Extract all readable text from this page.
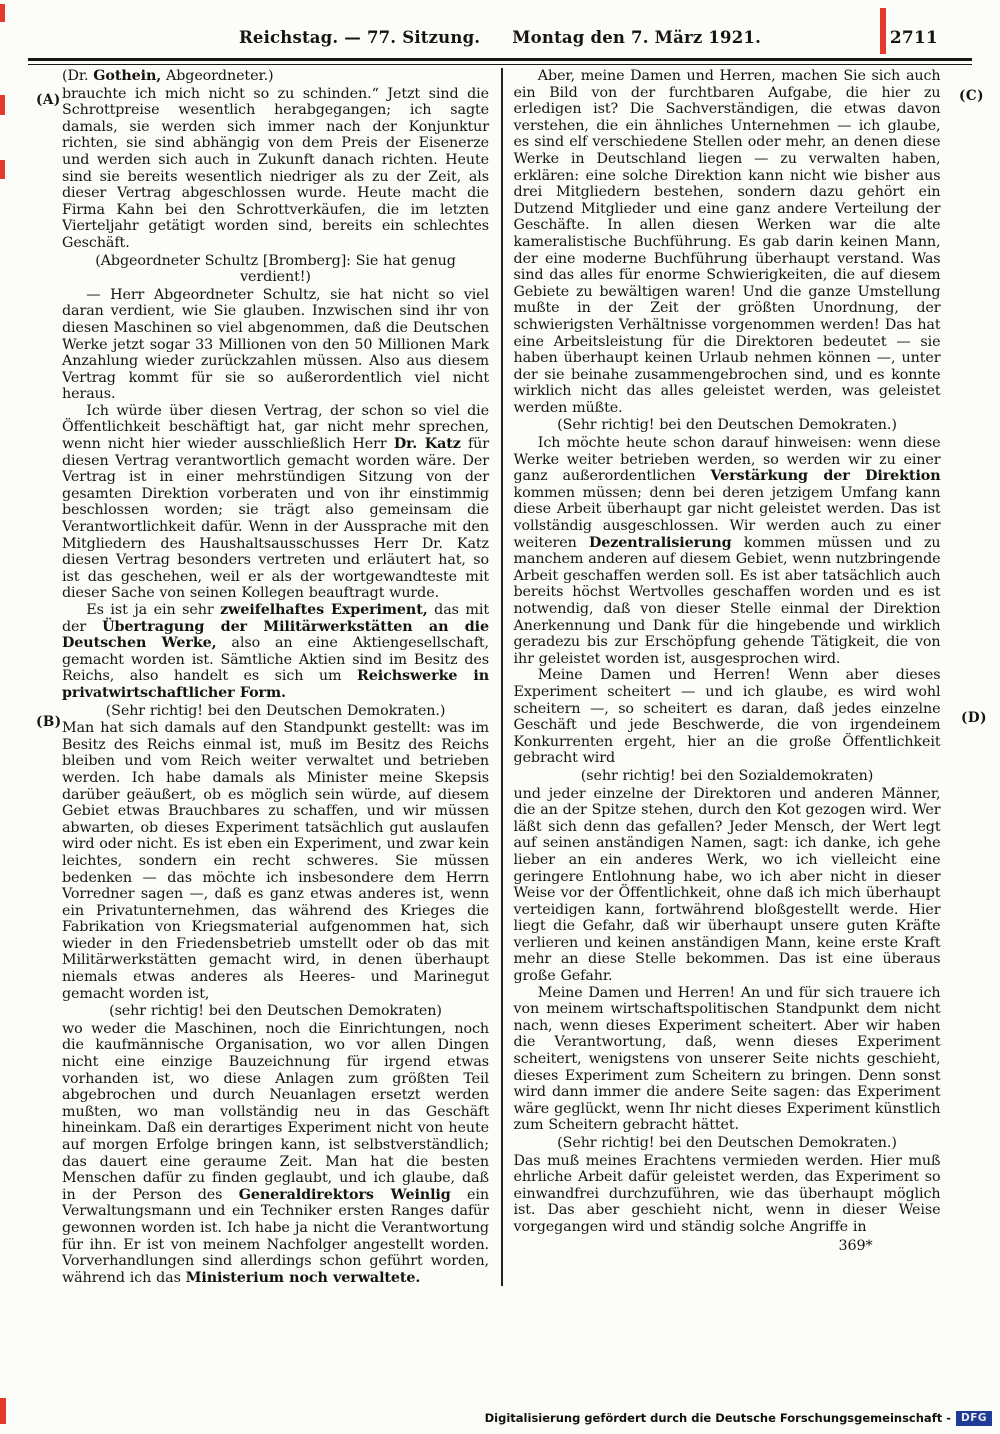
Reichstag. — 77. Sitzung. Montag den 7. März 1921.	2711
(A)
(B)
(C)
(D)
(Dr. Gothein, Abgeordneter.)
brauchte ich mich nicht so zu schinden.“ Jetzt sind die Schrottpreise wesentlich herabgegangen; ich sagte damals, sie werden sich immer nach der Konjunktur richten, sie sind abhängig von dem Preis der Eisenerze und werden sich auch in Zukunft danach richten. Heute sind sie bereits wesentlich niedriger als zu der Zeit, als dieser Vertrag abgeschlossen wurde. Heute macht die Firma Kahn bei den Schrottverkäufen, die im letzten Vierteljahr getätigt worden sind, bereits ein schlechtes Geschäft.
(Abgeordneter Schultz [Bromberg]: Sie hat genug verdient!)
— Herr Abgeordneter Schultz, sie hat nicht so viel daran verdient, wie Sie glauben. Inzwischen sind ihr von diesen Maschinen so viel abgenommen, daß die Deutschen Werke jetzt sogar 33 Millionen von den 50 Millionen Mark Anzahlung wieder zurückzahlen müssen. Also aus diesem Vertrag kommt für sie so außerordentlich viel nicht heraus.
Ich würde über diesen Vertrag, der schon so viel die Öffentlichkeit beschäftigt hat, gar nicht mehr sprechen, wenn nicht hier wieder ausschließlich Herr Dr. Katz für diesen Vertrag verantwortlich gemacht worden wäre. Der Vertrag ist in einer mehrstündigen Sitzung von der gesamten Direktion vorberaten und von ihr einstimmig beschlossen worden; sie trägt also gemeinsam die Verantwortlichkeit dafür. Wenn in der Aussprache mit den Mitgliedern des Haushaltsausschusses Herr Dr. Katz diesen Vertrag besonders vertreten und erläutert hat, so ist das geschehen, weil er als der wortgewandteste mit dieser Sache von seinen Kollegen beauftragt wurde.
Es ist ja ein sehr zweifelhaftes Experiment, das mit der Übertragung der Militärwerkstätten an die Deutschen Werke, also an eine Aktiengesellschaft, gemacht worden ist. Sämtliche Aktien sind im Besitz des Reichs, also handelt es sich um Reichswerke in privatwirtschaftlicher Form.
(Sehr richtig! bei den Deutschen Demokraten.)
Man hat sich damals auf den Standpunkt gestellt: was im Besitz des Reichs einmal ist, muß im Besitz des Reichs bleiben und vom Reich weiter verwaltet und betrieben werden. Ich habe damals als Minister meine Skepsis darüber geäußert, ob es möglich sein würde, auf diesem Gebiet etwas Brauchbares zu schaffen, und wir müssen abwarten, ob dieses Experiment tatsächlich gut auslaufen wird oder nicht. Es ist eben ein Experiment, und zwar kein leichtes, sondern ein recht schweres. Sie müssen bedenken — das möchte ich insbesondere dem Herrn Vorredner sagen —, daß es ganz etwas anderes ist, wenn ein Privatunternehmen, das während des Krieges die Fabrikation von Kriegsmaterial aufgenommen hat, sich wieder in den Friedensbetrieb umstellt oder ob das mit Militärwerkstätten gemacht wird, in denen überhaupt niemals etwas anderes als Heeres- und Marinegut gemacht worden ist,
(sehr richtig! bei den Deutschen Demokraten)
wo weder die Maschinen, noch die Einrichtungen, noch die kaufmännische Organisation, wo vor allen Dingen nicht eine einzige Bauzeichnung für irgend etwas vorhanden ist, wo diese Anlagen zum größten Teil abgebrochen und durch Neuanlagen ersetzt werden mußten, wo man vollständig neu in das Geschäft hineinkam. Daß ein derartiges Experiment nicht von heute auf morgen Erfolge bringen kann, ist selbstverständlich; das dauert eine geraume Zeit. Man hat die besten Menschen dafür zu finden geglaubt, und ich glaube, daß in der Person des Generaldirektors Weinlig ein Verwaltungsmann und ein Techniker ersten Ranges dafür gewonnen worden ist. Ich habe ja nicht die Verantwortung für ihn. Er ist von meinem Nachfolger angestellt worden. Vorverhandlungen sind allerdings schon geführt worden, während ich das Ministerium noch verwaltete.
Aber, meine Damen und Herren, machen Sie sich auch ein Bild von der furchtbaren Aufgabe, die hier zu erledigen ist? Die Sachverständigen, die etwas davon verstehen, die ein ähnliches Unternehmen — ich glaube, es sind elf verschiedene Stellen oder mehr, an denen diese Werke in Deutschland liegen — zu verwalten haben, erklären: eine solche Direktion kann nicht wie bisher aus drei Mitgliedern bestehen, sondern dazu gehört ein Dutzend Mitglieder und eine ganz andere Verteilung der Geschäfte. In allen diesen Werken war die alte kameralistische Buchführung. Es gab darin keinen Mann, der eine moderne Buchführung überhaupt verstand. Was sind das alles für enorme Schwierigkeiten, die auf diesem Gebiete zu bewältigen waren! Und die ganze Umstellung mußte in der Zeit der größten Unordnung, der schwierigsten Verhältnisse vorgenommen werden! Das hat eine Arbeitsleistung für die Direktoren bedeutet — sie haben überhaupt keinen Urlaub nehmen können —, unter der sie beinahe zusammengebrochen sind, und es konnte wirklich nicht das alles geleistet werden, was geleistet werden müßte.
(Sehr richtig! bei den Deutschen Demokraten.)
Ich möchte heute schon darauf hinweisen: wenn diese Werke weiter betrieben werden, so werden wir zu einer ganz außerordentlichen Verstärkung der Direktion kommen müssen; denn bei deren jetzigem Umfang kann diese Arbeit überhaupt gar nicht geleistet werden. Das ist vollständig ausgeschlossen. Wir werden auch zu einer weiteren Dezentralisierung kommen müssen und zu manchem anderen auf diesem Gebiet, wenn nutzbringende Arbeit geschaffen werden soll. Es ist aber tatsächlich auch bereits höchst Wertvolles geschaffen worden und es ist notwendig, daß von dieser Stelle einmal der Direktion Anerkennung und Dank für die hingebende und wirklich geradezu bis zur Erschöpfung gehende Tätigkeit, die von ihr geleistet worden ist, ausgesprochen wird.
Meine Damen und Herren! Wenn aber dieses Experiment scheitert — und ich glaube, es wird wohl scheitern —, so scheitert es daran, daß jedes einzelne Geschäft und jede Beschwerde, die von irgendeinem Konkurrenten ergeht, hier an die große Öffentlichkeit gebracht wird
(sehr richtig! bei den Sozialdemokraten)
und jeder einzelne der Direktoren und anderen Männer, die an der Spitze stehen, durch den Kot gezogen wird. Wer läßt sich denn das gefallen? Jeder Mensch, der Wert legt auf seinen anständigen Namen, sagt: ich danke, ich gehe lieber an ein anderes Werk, wo ich vielleicht eine geringere Entlohnung habe, wo ich aber nicht in dieser Weise vor der Öffentlichkeit, ohne daß ich mich überhaupt verteidigen kann, fortwährend bloßgestellt werde. Hier liegt die Gefahr, daß wir überhaupt unsere guten Kräfte verlieren und keinen anständigen Mann, keine erste Kraft mehr an diese Stelle bekommen. Das ist eine überaus große Gefahr.
Meine Damen und Herren! An und für sich trauere ich von meinem wirtschaftspolitischen Standpunkt dem nicht nach, wenn dieses Experiment scheitert. Aber wir haben die Verantwortung, daß, wenn dieses Experiment scheitert, wenigstens von unserer Seite nichts geschieht, dieses Experiment zum Scheitern zu bringen. Denn sonst wird dann immer die andere Seite sagen: das Experiment wäre geglückt, wenn Ihr nicht dieses Experiment künstlich zum Scheitern gebracht hättet.
(Sehr richtig! bei den Deutschen Demokraten.)
Das muß meines Erachtens vermieden werden. Hier muß ehrliche Arbeit dafür geleistet werden, das Experiment so einwandfrei durchzuführen, wie das überhaupt möglich ist. Das aber geschieht nicht, wenn in dieser Weise vorgegangen wird und ständig solche Angriffe in
369*
Digitalisierung gefördert durch die Deutsche Forschungsgemeinschaft - DFG
